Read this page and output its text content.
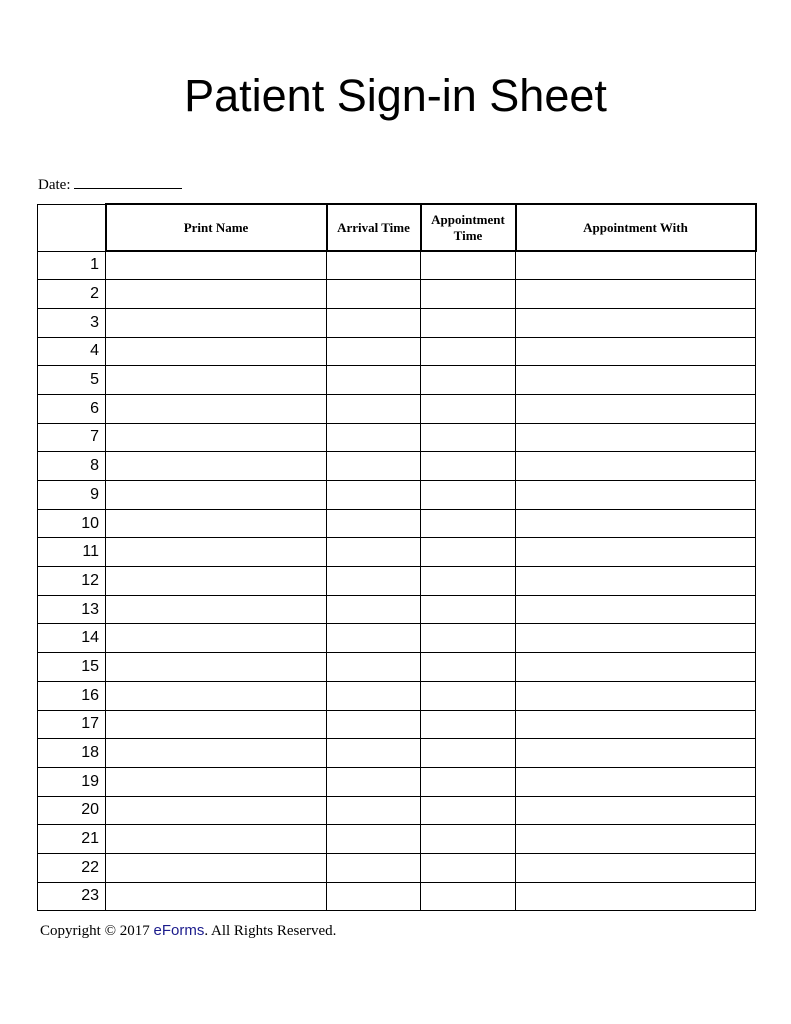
Patient Sign-in Sheet
Date:
	Print Name	Arrival Time	Appointment Time	Appointment With
1				
2				
3				
4				
5				
6				
7				
8				
9				
10				
11				
12				
13				
14				
15				
16				
17				
18				
19				
20				
21				
22				
23				
Copyright © 2017 eForms. All Rights Reserved.
